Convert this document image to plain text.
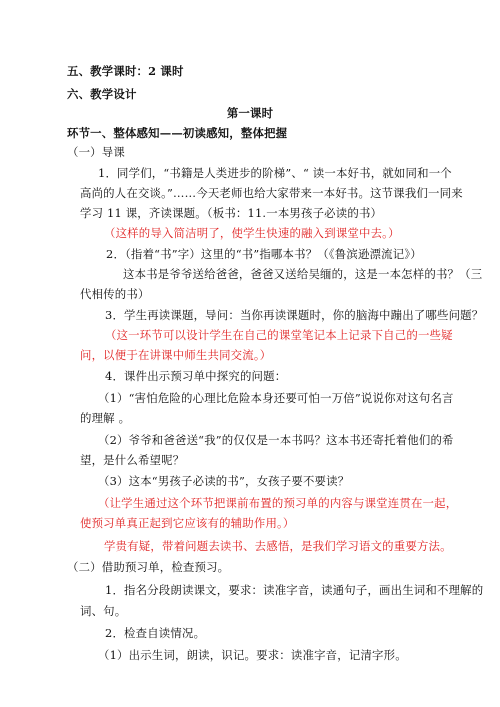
五、教学课时：2 课时
六、教学设计
第一课时
环节一、整体感知——初读感知，整体把握
（一）导课
1．同学们，“书籍是人类进步的阶梯”、“ 读一本好书，就如同和一个
高尚的人在交谈。”……今天老师也给大家带来一本好书。这节课我们一同来
学习 11 课，齐读课题。（板书：11.一本男孩子必读的书）
（这样的导入简洁明了，使学生快速的融入到课堂中去。）
2．（指着“书”字）这里的“书”指哪本书？（《鲁滨逊漂流记》）
这本书是爷爷送给爸爸，爸爸又送给吴缅的，这是一本怎样的书？（三
代相传的书）
3．学生再读课题，导问：当你再读课题时，你的脑海中蹦出了哪些问题？
（这一环节可以设计学生在自己的课堂笔记本上记录下自己的一些疑
问，以便于在讲课中师生共同交流。）
4．课件出示预习单中探究的问题：
（1）“害怕危险的心理比危险本身还要可怕一万倍”说说你对这句名言
的理解 。
（2）爷爷和爸爸送“我”的仅仅是一本书吗？这本书还寄托着他们的希
望，是什么希望呢？
（3）这本“男孩子必读的书”，女孩子要不要读？
（让学生通过这个环节把课前布置的预习单的内容与课堂连贯在一起，
使预习单真正起到它应该有的辅助作用。）
学贵有疑，带着问题去读书、去感悟，是我们学习语文的重要方法。
（二）借助预习单，检查预习。
1．指名分段朗读课文，要求：读准字音，读通句子，画出生词和不理解的
词、句。
2．检查自读情况。
（1）出示生词，朗读，识记。要求：读准字音，记清字形。
